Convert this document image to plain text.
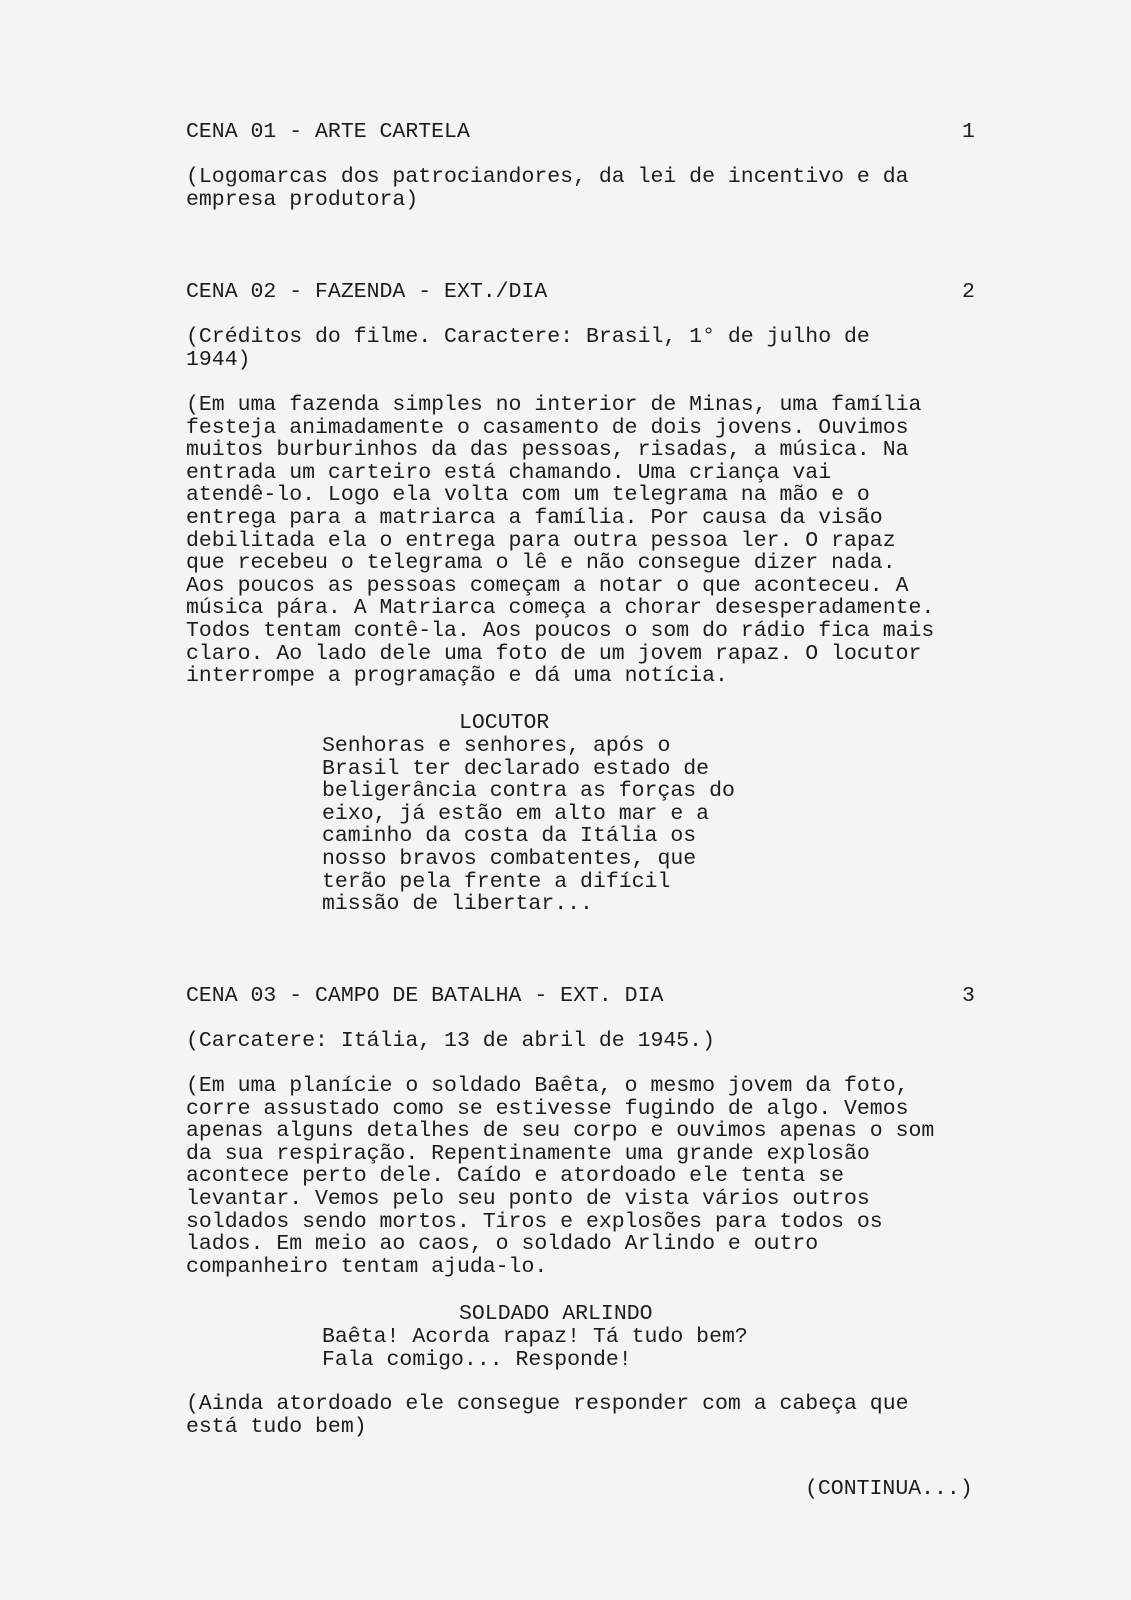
CENA 01 - ARTE CARTELA	1

(Logomarcas dos patrociandores, da lei de incentivo e da
empresa produtora)

CENA 02 - FAZENDA - EXT./DIA	2

(Créditos do filme. Caractere: Brasil, 1° de julho de
1944)

(Em uma fazenda simples no interior de Minas, uma família
festeja animadamente o casamento de dois jovens. Ouvimos
muitos burburinhos da das pessoas, risadas, a música. Na
entrada um carteiro está chamando. Uma criança vai
atendê-lo. Logo ela volta com um telegrama na mão e o
entrega para a matriarca a família. Por causa da visão
debilitada ela o entrega para outra pessoa ler. O rapaz
que recebeu o telegrama o lê e não consegue dizer nada.
Aos poucos as pessoas começam a notar o que aconteceu. A
música pára. A Matriarca começa a chorar desesperadamente.
Todos tentam contê-la. Aos poucos o som do rádio fica mais
claro. Ao lado dele uma foto de um jovem rapaz. O locutor
interrompe a programação e dá uma notícia.

LOCUTOR

Senhoras e senhores, após o
Brasil ter declarado estado de
beligerância contra as forças do
eixo, já estão em alto mar e a
caminho da costa da Itália os
nosso bravos combatentes, que
terão pela frente a difícil
missão de libertar...

CENA 03 - CAMPO DE BATALHA - EXT. DIA	3

(Carcatere: Itália, 13 de abril de 1945.)

(Em uma planície o soldado Baêta, o mesmo jovem da foto,
corre assustado como se estivesse fugindo de algo. Vemos
apenas alguns detalhes de seu corpo e ouvimos apenas o som
da sua respiração. Repentinamente uma grande explosão
acontece perto dele. Caído e atordoado ele tenta se
levantar. Vemos pelo seu ponto de vista vários outros
soldados sendo mortos. Tiros e explosões para todos os
lados. Em meio ao caos, o soldado Arlindo e outro
companheiro tentam ajuda-lo.

SOLDADO ARLINDO

Baêta! Acorda rapaz! Tá tudo bem?
Fala comigo... Responde!

(Ainda atordoado ele consegue responder com a cabeça que
está tudo bem)

(CONTINUA...)
